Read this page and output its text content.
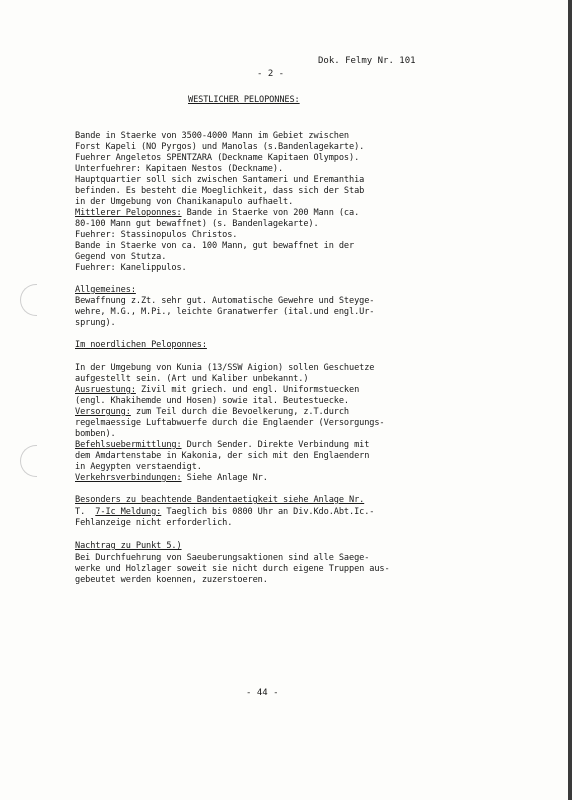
Dok. Felmy Nr. 101
- 2 -
WESTLICHER PELOPONNES:
Bande in Staerke von 3500-4000 Mann im Gebiet zwischen
Forst Kapeli (NO Pyrgos) und Manolas (s.Bandenlagekarte).
Fuehrer Angeletos SPENTZARA (Deckname Kapitaen Olympos).
Unterfuehrer: Kapitaen Nestos (Deckname).
Hauptquartier soll sich zwischen Santameri und Eremanthia
befinden. Es besteht die Moeglichkeit, dass sich der Stab
in der Umgebung von Chanikanapulo aufhaelt.
Mittlerer Peloponnes: Bande in Staerke von 200 Mann (ca.
80-100 Mann gut bewaffnet) (s. Bandenlagekarte).
Fuehrer: Stassinopulos Christos.
Bande in Staerke von ca. 100 Mann, gut bewaffnet in der
Gegend von Stutza.
Fuehrer: Kanelippulos.
Allgemeines:
Bewaffnung z.Zt. sehr gut. Automatische Gewehre und Steyge-
wehre, M.G., M.Pi., leichte Granatwerfer (ital.und engl.Ur-
sprung).
Im noerdlichen Peloponnes:
In der Umgebung von Kunia (13/SSW Aigion) sollen Geschuetze
aufgestellt sein. (Art und Kaliber unbekannt.)
Ausruestung: Zivil mit griech. und engl. Uniformstuecken
(engl. Khakihemde und Hosen) sowie ital. Beutestuecke.
Versorgung: zum Teil durch die Bevoelkerung, z.T.durch
regelmaessige Luftabwuerfe durch die Englaender (Versorgungs-
bomben).
Befehlsuebermittlung: Durch Sender. Direkte Verbindung mit
dem Amdartenstabe in Kakonia, der sich mit den Englaendern
in Aegypten verstaendigt.
Verkehrsverbindungen: Siehe Anlage Nr.
Besonders zu beachtende Bandentaetigkeit siehe Anlage Nr.
T.  7-Ic Meldung: Taeglich bis 0800 Uhr an Div.Kdo.Abt.Ic.-
Fehlanzeige nicht erforderlich.
Nachtrag zu Punkt 5.)
Bei Durchfuehrung von Saeuberungsaktionen sind alle Saege-
werke und Holzlager soweit sie nicht durch eigene Truppen aus-
gebeutet werden koennen, zuzerstoeren.
- 44 -
